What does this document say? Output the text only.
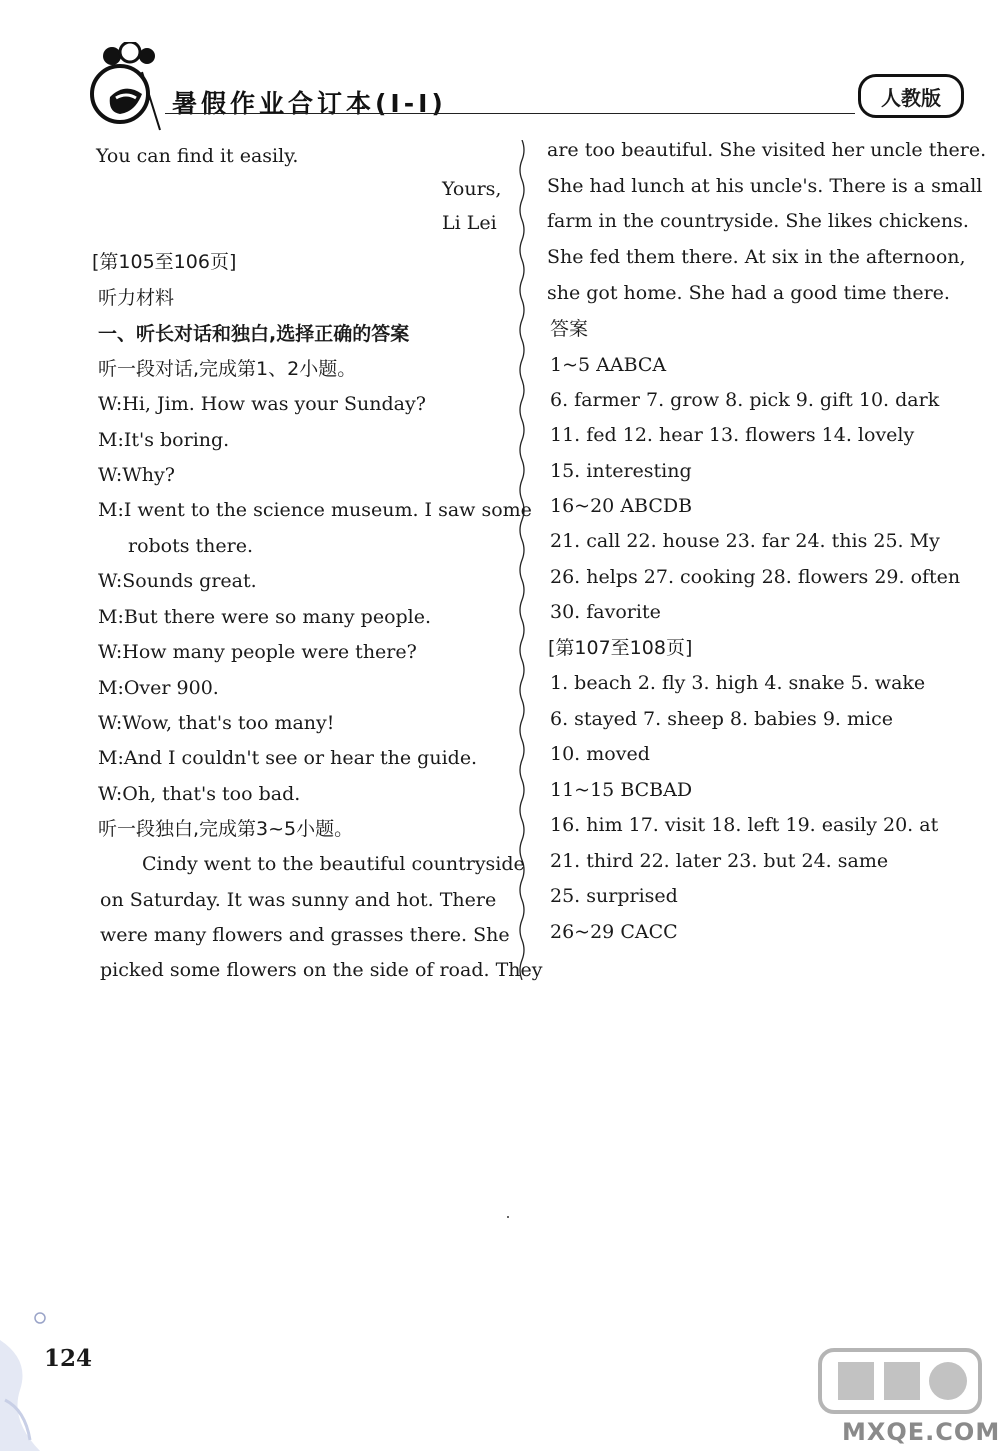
暑假作业合订本(Ⅰ-Ⅰ)	人教版
You can find it easily.
Yours,
Li Lei
[第105至106页]
听力材料
一、听长对话和独白,选择正确的答案
听一段对话,完成第1、2小题。
W:Hi, Jim. How was your Sunday?
M:It's boring.
W:Why?
M:I went to the science museum. I saw some
robots there.
W:Sounds great.
M:But there were so many people.
W:How many people were there?
M:Over 900.
W:Wow, that's too many!
M:And I couldn't see or hear the guide.
W:Oh, that's too bad.
听一段独白,完成第3~5小题。
Cindy went to the beautiful countryside
on Saturday. It was sunny and hot. There
were many flowers and grasses there. She
picked some flowers on the side of road. They
are too beautiful. She visited her uncle there.
She had lunch at his uncle's. There is a small
farm in the countryside. She likes chickens.
She fed them there. At six in the afternoon,
she got home. She had a good time there.
答案
1~5 AABCA
6. farmer 7. grow 8. pick 9. gift 10. dark
11. fed 12. hear 13. flowers 14. lovely
15. interesting
16~20 ABCDB
21. call 22. house 23. far 24. this 25. My
26. helps 27. cooking 28. flowers 29. often
30. favorite
[第107至108页]
1. beach 2. fly 3. high 4. snake 5. wake
6. stayed 7. sheep 8. babies 9. mice
10. moved
11~15 BCBAD
16. him 17. visit 18. left 19. easily 20. at
21. third 22. later 23. but 24. same
25. surprised
26~29 CACC
124
MXQE.COM
